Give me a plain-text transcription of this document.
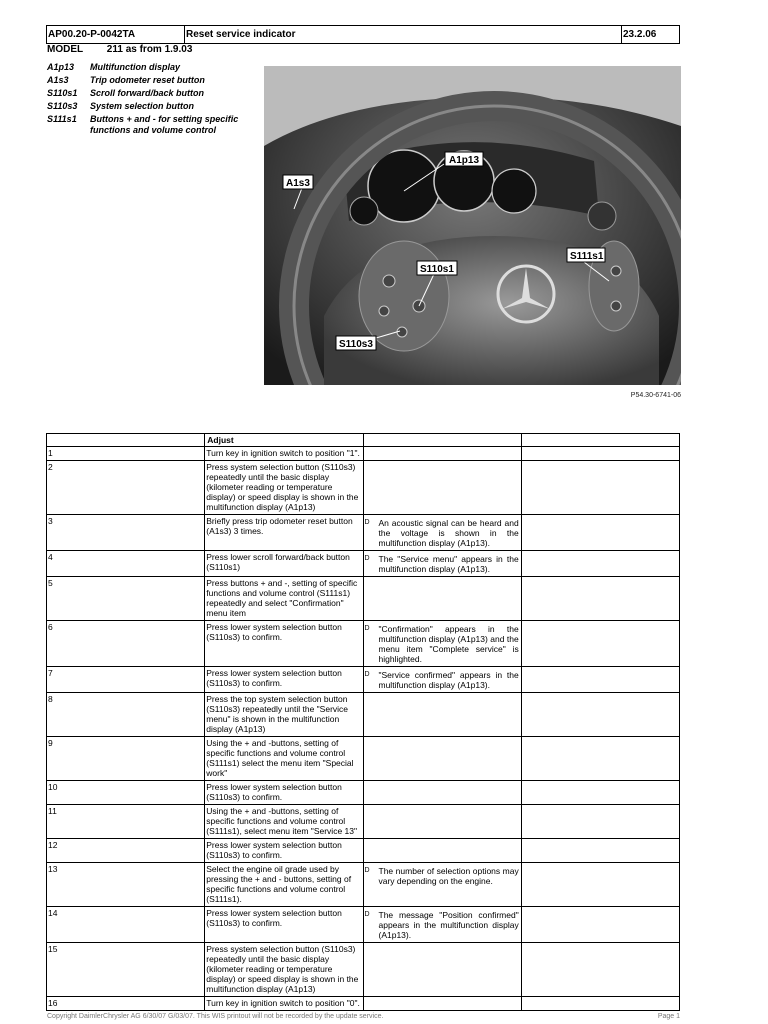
AP00.20-P-0042TA	Reset service indicator	23.2.06
MODEL 211 as from 1.9.03
A1p13	Multifunction display
A1s3	Trip odometer reset button
S110s1	Scroll forward/back button
S110s3	System selection button
S111s1	Buttons + and - for setting specific functions and volume control
A1p13
A1s3
S111s1
S110s1
S110s3
P54.30-6741-06
	Adjust		
1	Turn key in ignition switch to position "1".		
2	Press system selection button (S110s3) repeatedly until the basic display (kilometer reading or temperature display) or speed display is shown in the multifunction display (A1p13)		
3	Briefly press trip odometer reset button (A1s3) 3 times.	D An acoustic signal can be heard and the voltage is shown in the multifunction display (A1p13).	

4	Press lower scroll forward/back button (S110s1)	D The "Service menu" appears in the multifunction display (A1p13).	

5	Press buttons + and -, setting of specific functions and volume control (S111s1) repeatedly and select "Confirmation" menu item		
6	Press lower system selection button (S110s3) to confirm.	D "Confirmation" appears in the multifunction display (A1p13) and the menu item "Complete service" is highlighted.	

7	Press lower system selection button (S110s3) to confirm.	D "Service confirmed" appears in the multifunction display (A1p13).	

8	Press the top system selection button (S110s3) repeatedly until the "Service menu" is shown in the multifunction display (A1p13)		
9	Using the + and -buttons, setting of specific functions and volume control (S111s1) select the menu item "Special work"		
10	Press lower system selection button (S110s3) to confirm.		
11	Using the + and -buttons, setting of specific functions and volume control (S111s1), select menu item "Service 13"		
12	Press lower system selection button (S110s3) to confirm.		
13	Select the engine oil grade used by pressing the + and - buttons, setting of specific functions and volume control (S111s1).	D The number of selection options may vary depending on the engine.	

14	Press lower system selection button (S110s3) to confirm.	D The message "Position confirmed" appears in the multifunction display (A1p13).	

15	Press system selection button (S110s3) repeatedly until the basic display (kilometer reading or temperature display) or speed display is shown in the multifunction display (A1p13)		
16	Turn key in ignition switch to position "0".		
Copyright DaimlerChrysler AG 6/30/07 G/03/07. This WIS printout will not be recorded by the update service.	Page 1
